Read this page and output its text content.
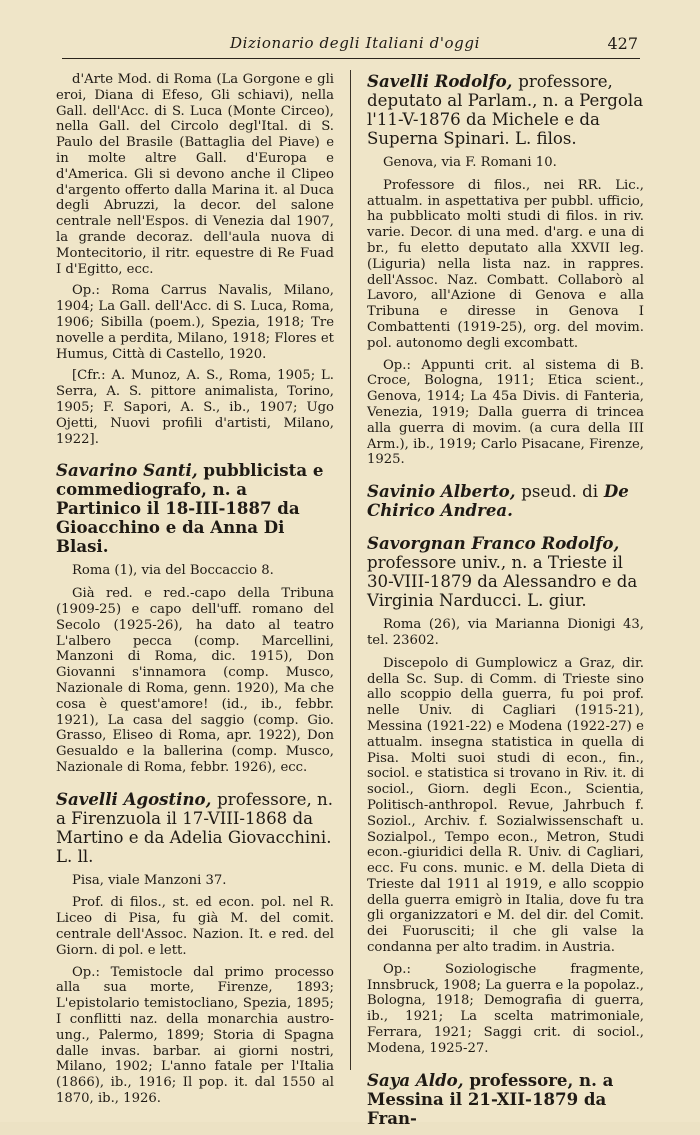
Dizionario degli Italiani d'oggi	427

d'Arte Mod. di Roma (La Gorgone e gli eroi, Diana di Efeso, Gli schiavi), nella Gall. dell'Acc. di S. Luca (Monte Circeo), nella Gall. del Circolo degl'Ital. di S. Paulo del Brasile (Battaglia del Piave) e in molte altre Gall. d'Europa e d'America. Gli si devono anche il Clipeo d'argento offerto dalla Marina it. al Duca degli Abruzzi, la decor. del salone centrale nell'Espos. di Venezia dal 1907, la grande decoraz. dell'aula nuova di Montecitorio, il ritr. equestre di Re Fuad I d'Egitto, ecc.

Op.: Roma Carrus Navalis, Milano, 1904; La Gall. dell'Acc. di S. Luca, Roma, 1906; Sibilla (poem.), Spezia, 1918; Tre novelle a perdita, Milano, 1918; Flores et Humus, Città di Castello, 1920.

[Cfr.: A. Munoz, A. S., Roma, 1905; L. Serra, A. S. pittore animalista, Torino, 1905; F. Sapori, A. S., ib., 1907; Ugo Ojetti, Nuovi profili d'artisti, Milano, 1922].

Savarino Santi, pubblicista e commediografo, n. a Partinico il 18-III-1887 da Gioacchino e da Anna Di Blasi.

Roma (1), via del Boccaccio 8.

Già red. e red.-capo della Tribuna (1909-25) e capo dell'uff. romano del Secolo (1925-26), ha dato al teatro L'albero pecca (comp. Marcellini, Manzoni di Roma, dic. 1915), Don Giovanni s'innamora (comp. Musco, Nazionale di Roma, genn. 1920), Ma che cosa è quest'amore! (id., ib., febbr. 1921), La casa del saggio (comp. Gio. Grasso, Eliseo di Roma, apr. 1922), Don Gesualdo e la ballerina (comp. Musco, Nazionale di Roma, febbr. 1926), ecc.

Savelli Agostino, professore, n. a Firenzuola il 17-VIII-1868 da Martino e da Adelia Giovacchini. L. ll.

Pisa, viale Manzoni 37.

Prof. di filos., st. ed econ. pol. nel R. Liceo di Pisa, fu già M. del comit. centrale dell'Assoc. Nazion. It. e red. del Giorn. di pol. e lett.

Op.: Temistocle dal primo processo alla sua morte, Firenze, 1893; L'epistolario temistocliano, Spezia, 1895; I conflitti naz. della monarchia austro-ung., Palermo, 1899; Storia di Spagna dalle invas. barbar. ai giorni nostri, Milano, 1902; L'anno fatale per l'Italia (1866), ib., 1916; Il pop. it. dal 1550 al 1870, ib., 1926.

Savelli Rodolfo, professore, deputato al Parlam., n. a Pergola l'11-V-1876 da Michele e da Superna Spinari. L. filos.

Genova, via F. Romani 10.

Professore di filos., nei RR. Lic., attualm. in aspettativa per pubbl. ufficio, ha pubblicato molti studi di filos. in riv. varie. Decor. di una med. d'arg. e una di br., fu eletto deputato alla XXVII leg. (Liguria) nella lista naz. in rappres. dell'Assoc. Naz. Combatt. Collaborò al Lavoro, all'Azione di Genova e alla Tribuna e diresse in Genova I Combattenti (1919-25), org. del movim. pol. autonomo degli excombatt.

Op.: Appunti crit. al sistema di B. Croce, Bologna, 1911; Etica scient., Genova, 1914; La 45a Divis. di Fanteria, Venezia, 1919; Dalla guerra di trincea alla guerra di movim. (a cura della III Arm.), ib., 1919; Carlo Pisacane, Firenze, 1925.

Savinio Alberto, pseud. di De Chirico Andrea.
Savorgnan Franco Rodolfo, professore univ., n. a Trieste il 30-VIII-1879 da Alessandro e da Virginia Narducci. L. giur.

Roma (26), via Marianna Dionigi 43, tel. 23602.

Discepolo di Gumplowicz a Graz, dir. della Sc. Sup. di Comm. di Trieste sino allo scoppio della guerra, fu poi prof. nelle Univ. di Cagliari (1915-21), Messina (1921-22) e Modena (1922-27) e attualm. insegna statistica in quella di Pisa. Molti suoi studi di econ., fin., sociol. e statistica si trovano in Riv. it. di sociol., Giorn. degli Econ., Scientia, Politisch-anthropol. Revue, Jahrbuch f. Soziol., Archiv. f. Sozialwissenschaft u. Sozialpol., Tempo econ., Metron, Studi econ.-giuridici della R. Univ. di Cagliari, ecc. Fu cons. munic. e M. della Dieta di Trieste dal 1911 al 1919, e allo scoppio della guerra emigrò in Italia, dove fu tra gli organizzatori e M. del dir. del Comit. dei Fuorusciti; il che gli valse la condanna per alto tradim. in Austria.

Op.: Soziologische fragmente, Innsbruck, 1908; La guerra e la popolaz., Bologna, 1918; Demografia di guerra, ib., 1921; La scelta matrimoniale, Ferrara, 1921; Saggi crit. di sociol., Modena, 1925-27.

Saya Aldo, professore, n. a Messina il 21-XII-1879 da Fran-
